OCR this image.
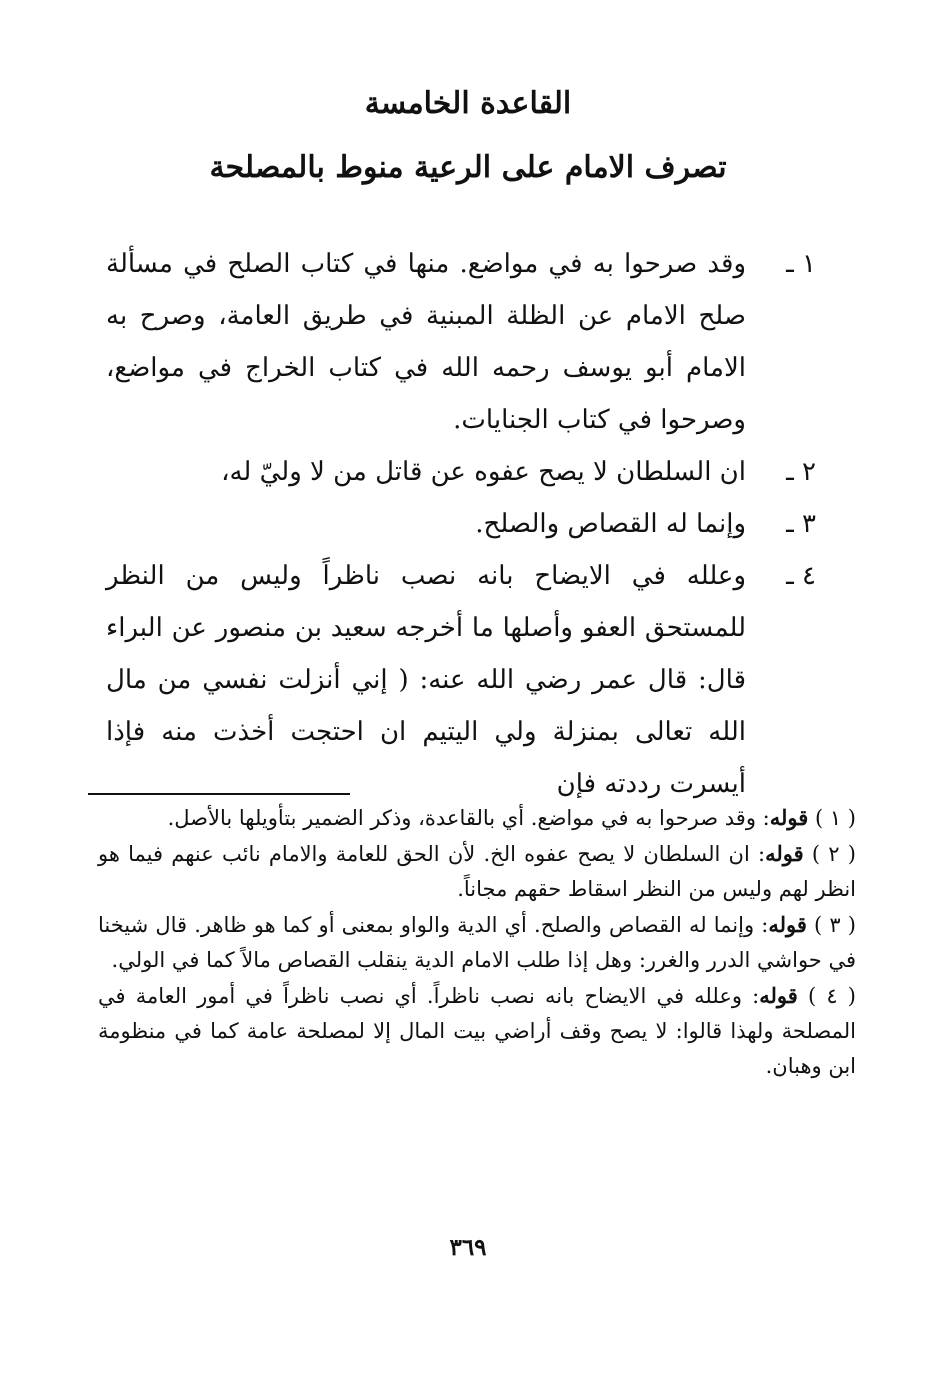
القاعدة الخامسة
تصرف الامام على الرعية منوط بالمصلحة
١ ـ
وقد صرحوا به في مواضع. منها في كتاب الصلح في مسألة صلح الامام عن الظلة المبنية في طريق العامة، وصرح به الامام أبو يوسف رحمه الله في كتاب الخراج في مواضع، وصرحوا في كتاب الجنايات.
٢ ـ
ان السلطان لا يصح عفوه عن قاتل من لا وليّ له،
٣ ـ
وإنما له القصاص والصلح.
٤ ـ
وعلله في الايضاح بانه نصب ناظراً وليس من النظر للمستحق العفو وأصلها ما أخرجه سعيد بن منصور عن البراء قال: قال عمر رضي الله عنه: ( إني أنزلت نفسي من مال الله تعالى بمنزلة ولي اليتيم ان احتجت أخذت منه فإذا أيسرت رددته فإن

( ١ ) قوله: وقد صرحوا به في مواضع. أي بالقاعدة، وذكر الضمير بتأويلها بالأصل.

( ٢ ) قوله: ان السلطان لا يصح عفوه الخ. لأن الحق للعامة والامام نائب عنهم فيما هو انظر لهم وليس من النظر اسقاط حقهم مجاناً.

( ٣ ) قوله: وإنما له القصاص والصلح. أي الدية والواو بمعنى أو كما هو ظاهر. قال شيخنا في حواشي الدرر والغرر: وهل إذا طلب الامام الدية ينقلب القصاص مالاً كما في الولي.

( ٤ ) قوله: وعلله في الايضاح بانه نصب ناظراً. أي نصب ناظراً في أمور العامة في المصلحة ولهذا قالوا: لا يصح وقف أراضي بيت المال إلا لمصلحة عامة كما في منظومة ابن وهبان.

٣٦٩
